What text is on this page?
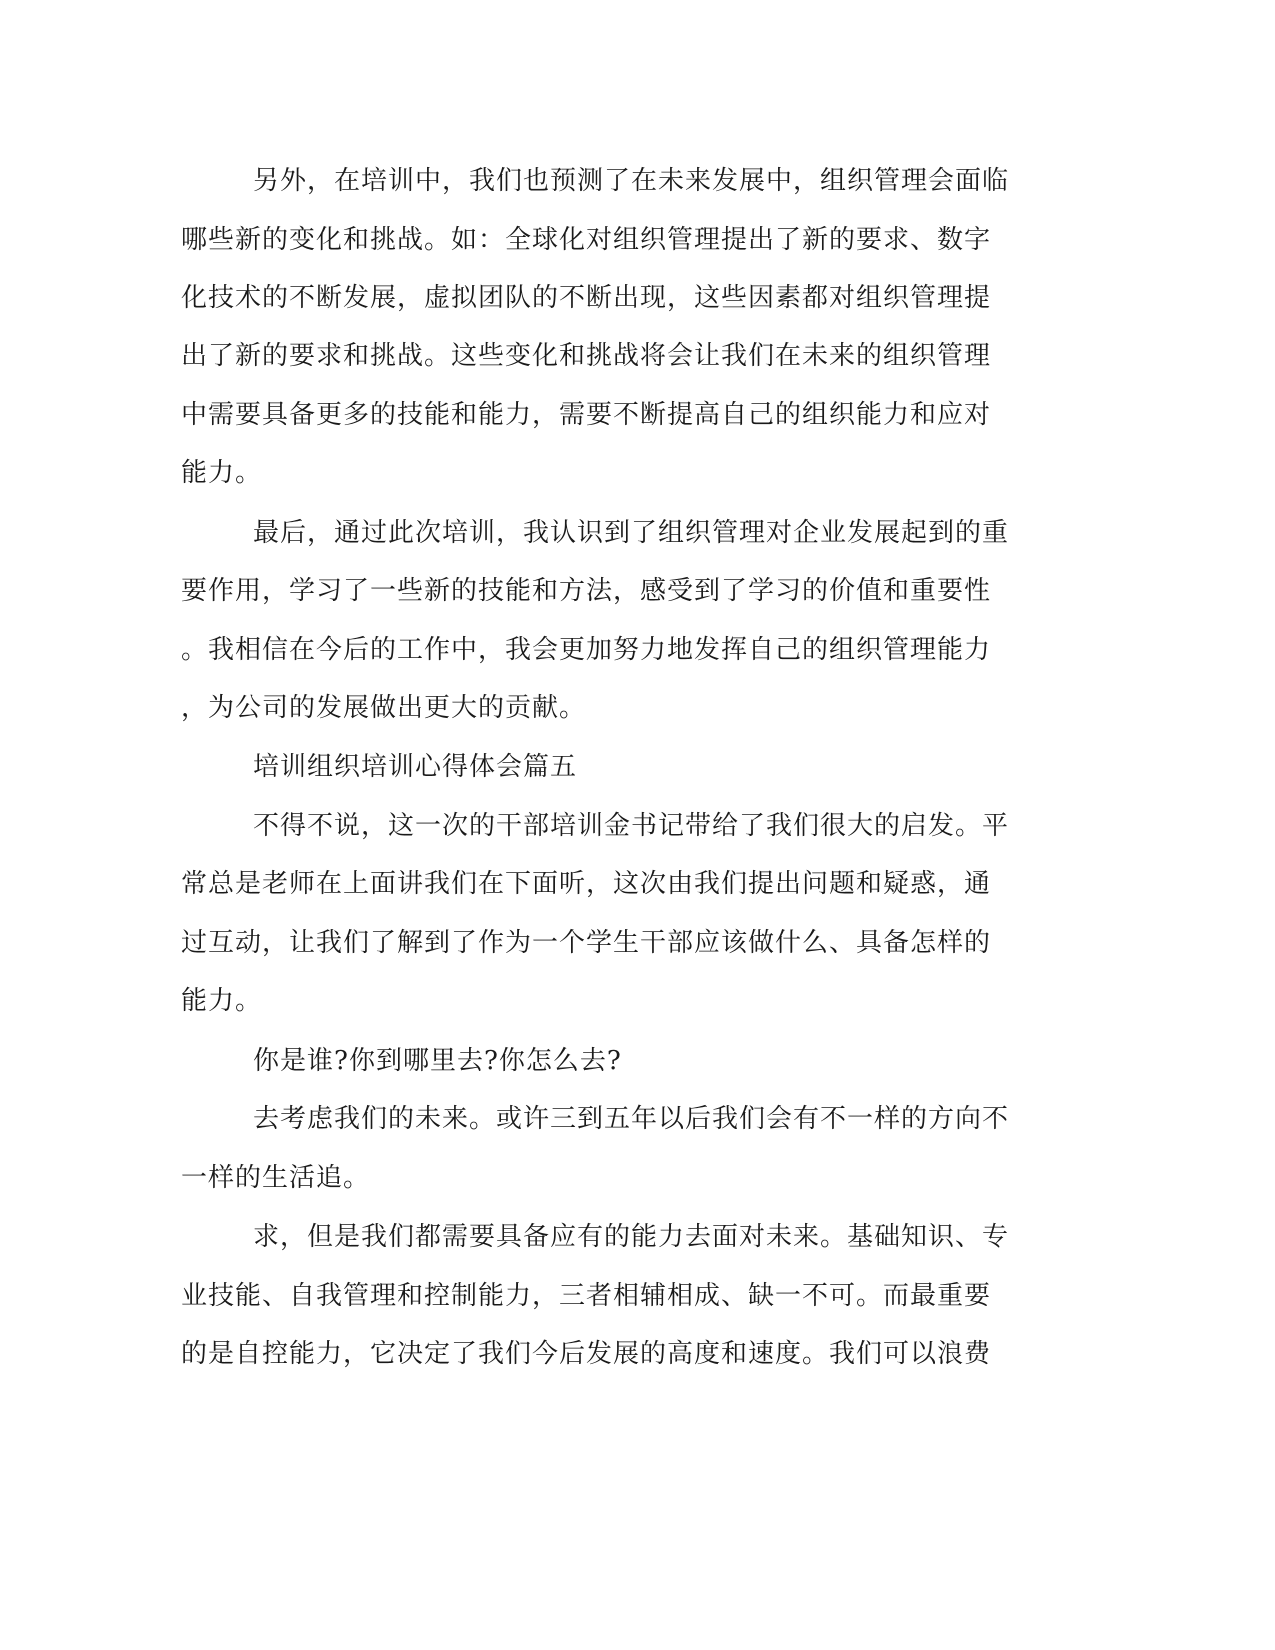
另外，在培训中，我们也预测了在未来发展中，组织管理会面临
哪些新的变化和挑战。如：全球化对组织管理提出了新的要求、数字
化技术的不断发展，虚拟团队的不断出现，这些因素都对组织管理提
出了新的要求和挑战。这些变化和挑战将会让我们在未来的组织管理
中需要具备更多的技能和能力，需要不断提高自己的组织能力和应对
能力。
最后，通过此次培训，我认识到了组织管理对企业发展起到的重
要作用，学习了一些新的技能和方法，感受到了学习的价值和重要性
。我相信在今后的工作中，我会更加努力地发挥自己的组织管理能力
，为公司的发展做出更大的贡献。
培训组织培训心得体会篇五
不得不说，这一次的干部培训金书记带给了我们很大的启发。平
常总是老师在上面讲我们在下面听，这次由我们提出问题和疑惑，通
过互动，让我们了解到了作为一个学生干部应该做什么、具备怎样的
能力。
你是谁?你到哪里去?你怎么去?
去考虑我们的未来。或许三到五年以后我们会有不一样的方向不
一样的生活追。
求，但是我们都需要具备应有的能力去面对未来。基础知识、专
业技能、自我管理和控制能力，三者相辅相成、缺一不可。而最重要
的是自控能力，它决定了我们今后发展的高度和速度。我们可以浪费
